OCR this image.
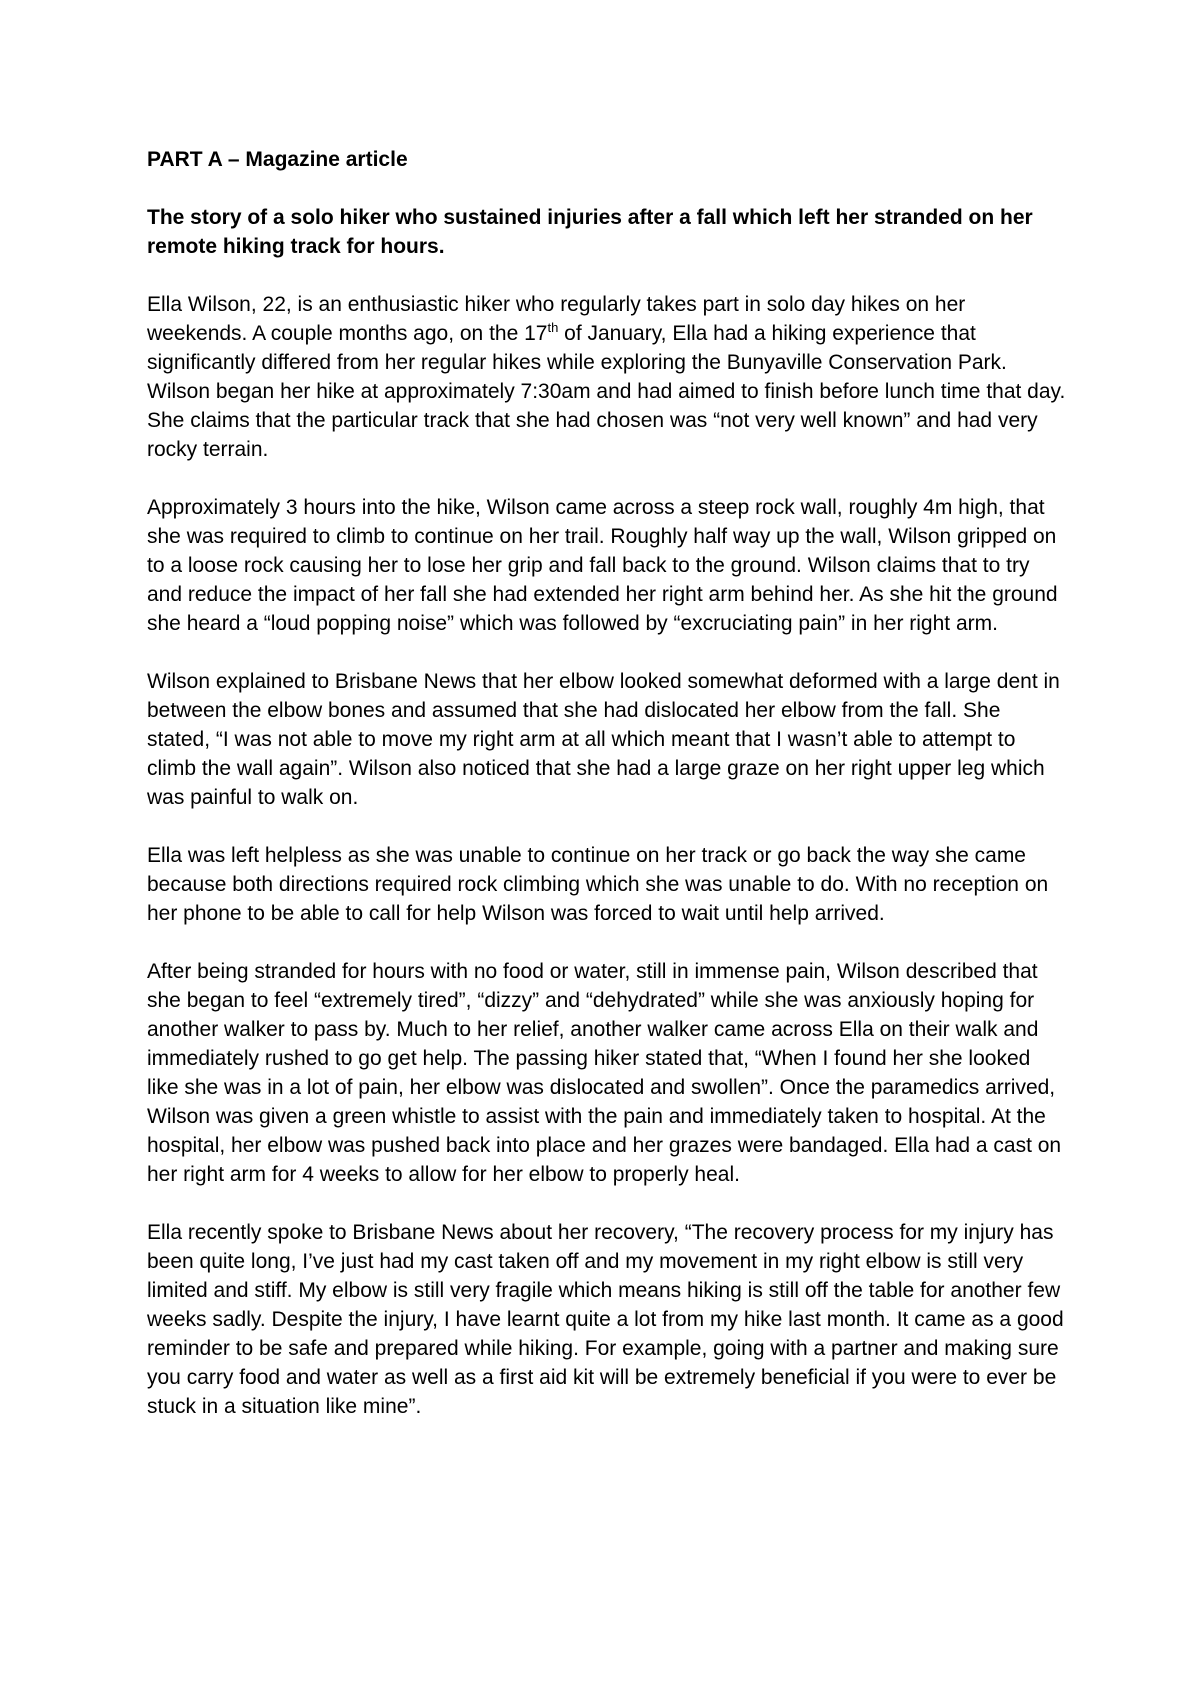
PART A – Magazine article

The story of a solo hiker who sustained injuries after a fall which left her stranded on her remote hiking track for hours.

Ella Wilson, 22, is an enthusiastic hiker who regularly takes part in solo day hikes on her weekends. A couple months ago, on the 17th of January, Ella had a hiking experience that significantly differed from her regular hikes while exploring the Bunyaville Conservation Park. Wilson began her hike at approximately 7:30am and had aimed to finish before lunch time that day. She claims that the particular track that she had chosen was “not very well known” and had very rocky terrain.

Approximately 3 hours into the hike, Wilson came across a steep rock wall, roughly 4m high, that she was required to climb to continue on her trail. Roughly half way up the wall, Wilson gripped on to a loose rock causing her to lose her grip and fall back to the ground. Wilson claims that to try and reduce the impact of her fall she had extended her right arm behind her. As she hit the ground she heard a “loud popping noise” which was followed by “excruciating pain” in her right arm.

Wilson explained to Brisbane News that her elbow looked somewhat deformed with a large dent in between the elbow bones and assumed that she had dislocated her elbow from the fall. She stated, “I was not able to move my right arm at all which meant that I wasn’t able to attempt to climb the wall again”. Wilson also noticed that she had a large graze on her right upper leg which was painful to walk on.

Ella was left helpless as she was unable to continue on her track or go back the way she came because both directions required rock climbing which she was unable to do. With no reception on her phone to be able to call for help Wilson was forced to wait until help arrived.

After being stranded for hours with no food or water, still in immense pain, Wilson described that she began to feel “extremely tired”, “dizzy” and “dehydrated” while she was anxiously hoping for another walker to pass by. Much to her relief, another walker came across Ella on their walk and immediately rushed to go get help. The passing hiker stated that, “When I found her she looked like she was in a lot of pain, her elbow was dislocated and swollen”. Once the paramedics arrived, Wilson was given a green whistle to assist with the pain and immediately taken to hospital. At the hospital, her elbow was pushed back into place and her grazes were bandaged. Ella had a cast on her right arm for 4 weeks to allow for her elbow to properly heal.

Ella recently spoke to Brisbane News about her recovery, “The recovery process for my injury has been quite long, I’ve just had my cast taken off and my movement in my right elbow is still very limited and stiff. My elbow is still very fragile which means hiking is still off the table for another few weeks sadly. Despite the injury, I have learnt quite a lot from my hike last month. It came as a good reminder to be safe and prepared while hiking. For example, going with a partner and making sure you carry food and water as well as a first aid kit will be extremely beneficial if you were to ever be stuck in a situation like mine”.
